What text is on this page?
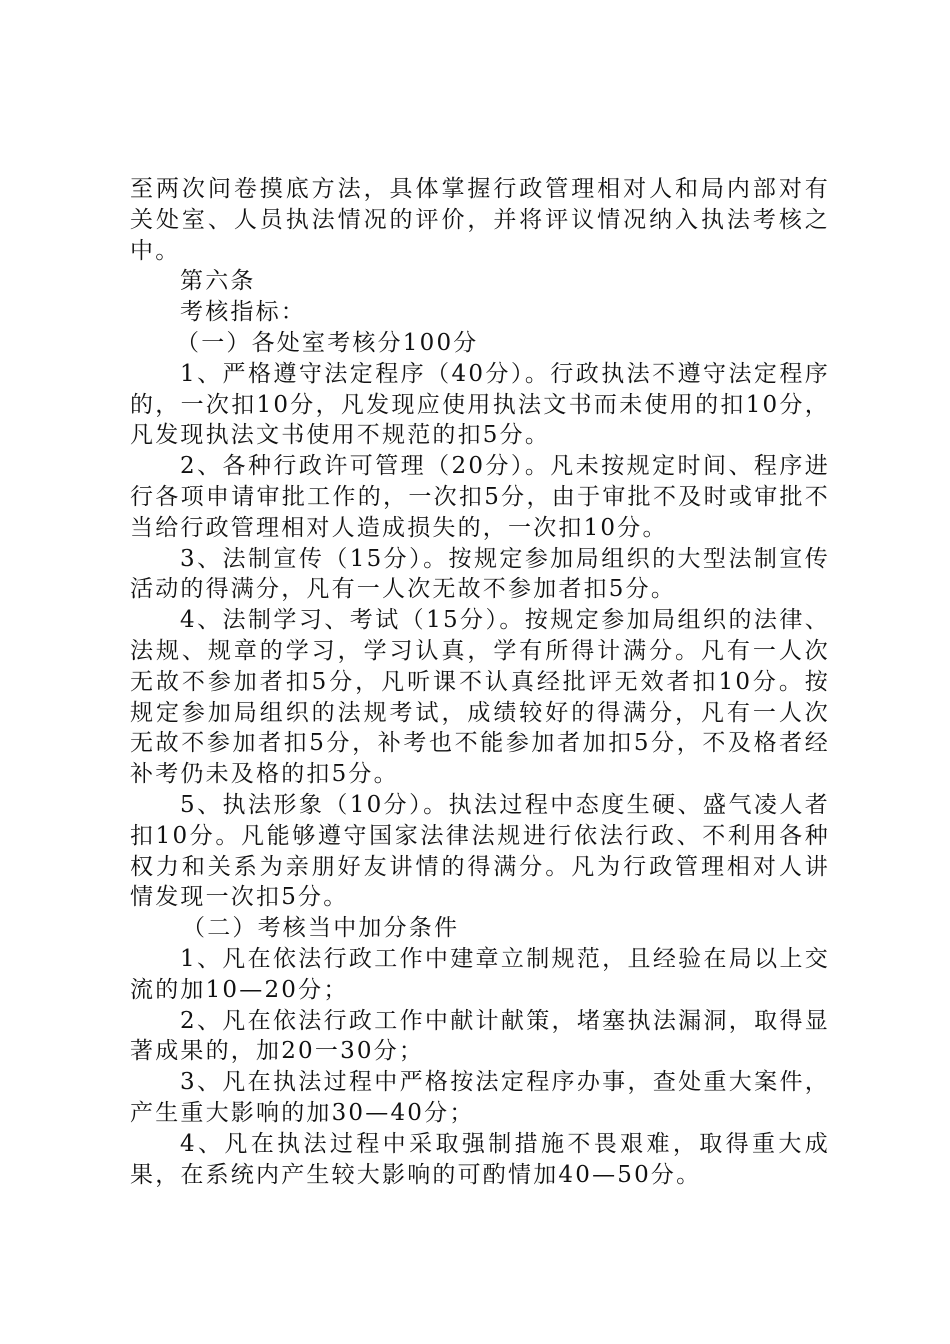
至两次问卷摸底方法，具体掌握行政管理相对人和局内部对有关处室、人员执法情况的评价，并将评议情况纳入执法考核之中。

第六条

考核指标：

（一）各处室考核分100分

1、严格遵守法定程序（40分）。行政执法不遵守法定程序的，一次扣10分，凡发现应使用执法文书而未使用的扣10分，凡发现执法文书使用不规范的扣5分。

2、各种行政许可管理（20分）。凡未按规定时间、程序进行各项申请审批工作的，一次扣5分，由于审批不及时或审批不当给行政管理相对人造成损失的，一次扣10分。

3、法制宣传（15分）。按规定参加局组织的大型法制宣传活动的得满分，凡有一人次无故不参加者扣5分。

4、法制学习、考试（15分）。按规定参加局组织的法律、法规、规章的学习，学习认真，学有所得计满分。凡有一人次无故不参加者扣5分，凡听课不认真经批评无效者扣10分。按规定参加局组织的法规考试，成绩较好的得满分，凡有一人次无故不参加者扣5分，补考也不能参加者加扣5分，不及格者经补考仍未及格的扣5分。

5、执法形象（10分）。执法过程中态度生硬、盛气凌人者扣10分。凡能够遵守国家法律法规进行依法行政、不利用各种权力和关系为亲朋好友讲情的得满分。凡为行政管理相对人讲情发现一次扣5分。

（二）考核当中加分条件

1、凡在依法行政工作中建章立制规范，且经验在局以上交流的加10—20分；

2、凡在依法行政工作中献计献策，堵塞执法漏洞，取得显著成果的，加20一30分；

3、凡在执法过程中严格按法定程序办事，查处重大案件，产生重大影响的加30—40分；

4、凡在执法过程中采取强制措施不畏艰难，取得重大成果，在系统内产生较大影响的可酌情加40—50分。
